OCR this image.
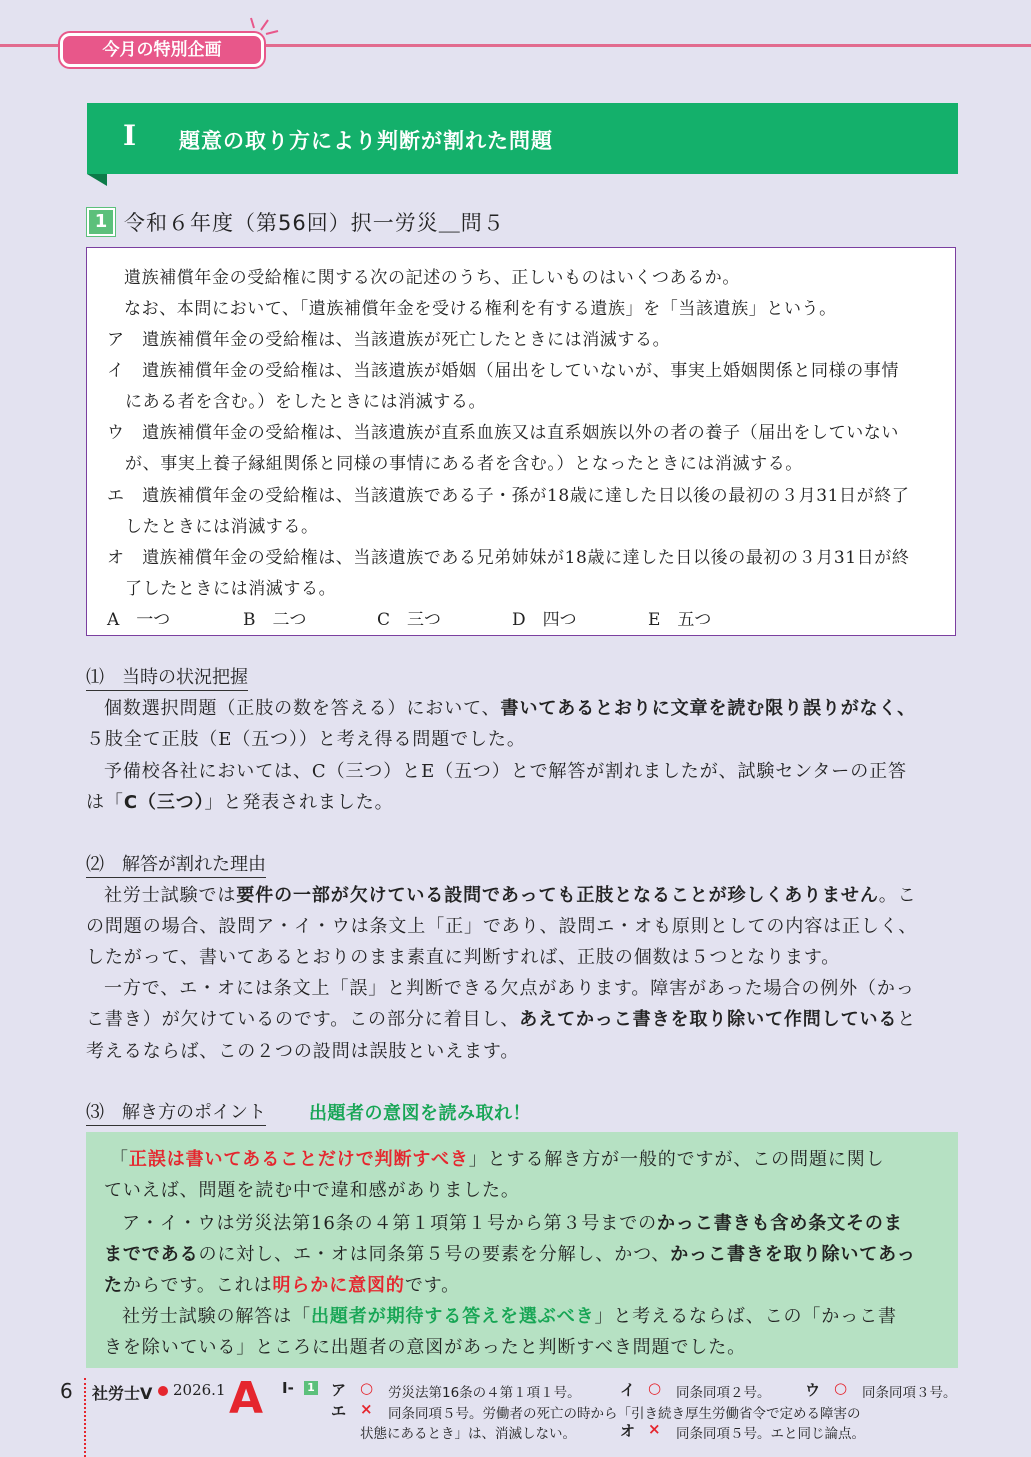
今月の特別企画
Ⅰ 題意の取り方により判断が割れた問題
1 令和６年度（第56回）択一労災＿問５
遺族補償年金の受給権に関する次の記述のうち、正しいものはいくつあるか。
なお、本問において、「遺族補償年金を受ける権利を有する遺族」を「当該遺族」という。
ア　遺族補償年金の受給権は、当該遺族が死亡したときには消滅する。
イ　遺族補償年金の受給権は、当該遺族が婚姻（届出をしていないが、事実上婚姻関係と同様の事情
にある者を含む。）をしたときには消滅する。
ウ　遺族補償年金の受給権は、当該遺族が直系血族又は直系姻族以外の者の養子（届出をしていない
が、事実上養子縁組関係と同様の事情にある者を含む。）となったときには消滅する。
エ　遺族補償年金の受給権は、当該遺族である子・孫が18歳に達した日以後の最初の３月31日が終了
したときには消滅する。
オ　遺族補償年金の受給権は、当該遺族である兄弟姉妹が18歳に達した日以後の最初の３月31日が終
了したときには消滅する。
A　一つ	B　二つ	C　三つ	D　四つ	E　五つ
⑴　当時の状況把握
個数選択問題（正肢の数を答える）において、書いてあるとおりに文章を読む限り誤りがなく、
５肢全て正肢（E（五つ））と考え得る問題でした。
予備校各社においては、C（三つ）とE（五つ）とで解答が割れましたが、試験センターの正答
は「C（三つ）」と発表されました。
⑵　解答が割れた理由
社労士試験では要件の一部が欠けている設問であっても正肢となることが珍しくありません。こ
の問題の場合、設問ア・イ・ウは条文上「正」であり、設問エ・オも原則としての内容は正しく、
したがって、書いてあるとおりのまま素直に判断すれば、正肢の個数は５つとなります。
一方で、エ・オには条文上「誤」と判断できる欠点があります。障害があった場合の例外（かっ
こ書き）が欠けているのです。この部分に着目し、あえてかっこ書きを取り除いて作問していると
考えるならば、この２つの設問は誤肢といえます。
⑶　解き方のポイント 出題者の意図を読み取れ！
「正誤は書いてあることだけで判断すべき」とする解き方が一般的ですが、この問題に関し
ていえば、問題を読む中で違和感がありました。
ア・イ・ウは労災法第16条の４第１項第１号から第３号までのかっこ書きも含め条文そのま
までであるのに対し、エ・オは同条第５号の要素を分解し、かつ、かっこ書きを取り除いてあっ
たからです。これは明らかに意図的です。
社労士試験の解答は「出題者が期待する答えを選ぶべき」と考えるならば、この「かっこ書
きを除いている」ところに出題者の意図があったと判断すべき問題でした。
6 社労士V 2026.1 A Ⅰ- 1 ア ○ 労災法第16条の４第１項１号。	イ ○ 同条同項２号。 ウ ○ 同条同項３号。
エ × 同条同項５号。労働者の死亡の時から「引き続き厚生労働省令で定める障害の
状態にあるとき」は、消滅しない。	オ × 同条同項５号。エと同じ論点。
